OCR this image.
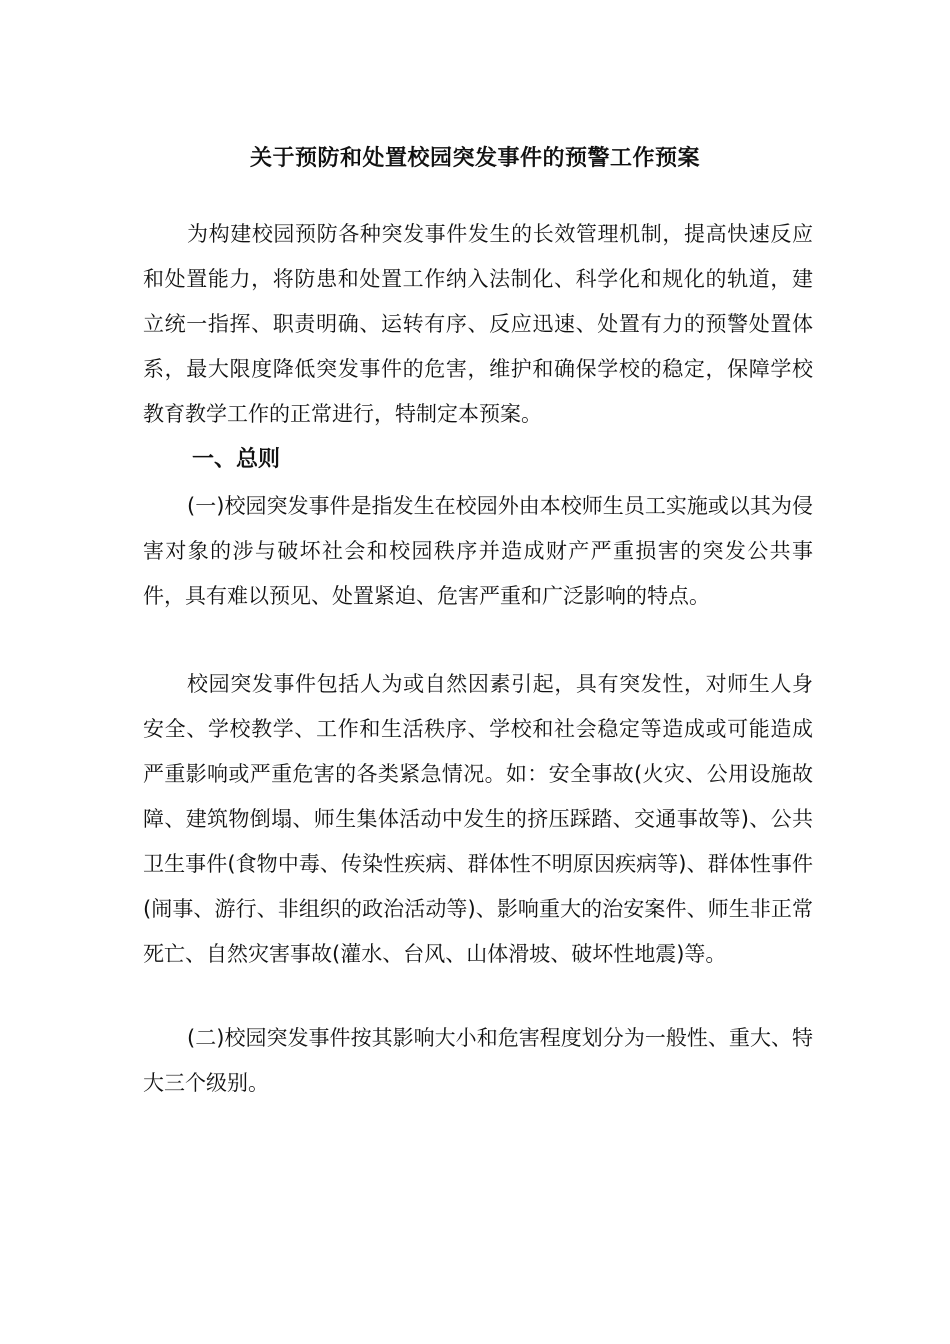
关于预防和处置校园突发事件的预警工作预案

为构建校园预防各种突发事件发生的长效管理机制，提高快速反应和处置能力，将防患和处置工作纳入法制化、科学化和规化的轨道，建立统一指挥、职责明确、运转有序、反应迅速、处置有力的预警处置体系，最大限度降低突发事件的危害，维护和确保学校的稳定，保障学校教育教学工作的正常进行，特制定本预案。

一、总则

(一)校园突发事件是指发生在校园外由本校师生员工实施或以其为侵害对象的涉与破坏社会和校园秩序并造成财产严重损害的突发公共事件，具有难以预见、处置紧迫、危害严重和广泛影响的特点。

校园突发事件包括人为或自然因素引起，具有突发性，对师生人身安全、学校教学、工作和生活秩序、学校和社会稳定等造成或可能造成严重影响或严重危害的各类紧急情况。如：安全事故(火灾、公用设施故障、建筑物倒塌、师生集体活动中发生的挤压踩踏、交通事故等)、公共卫生事件(食物中毒、传染性疾病、群体性不明原因疾病等)、群体性事件(闹事、游行、非组织的政治活动等)、影响重大的治安案件、师生非正常死亡、自然灾害事故(灌水、台风、山体滑坡、破坏性地震)等。

(二)校园突发事件按其影响大小和危害程度划分为一般性、重大、特大三个级别。
